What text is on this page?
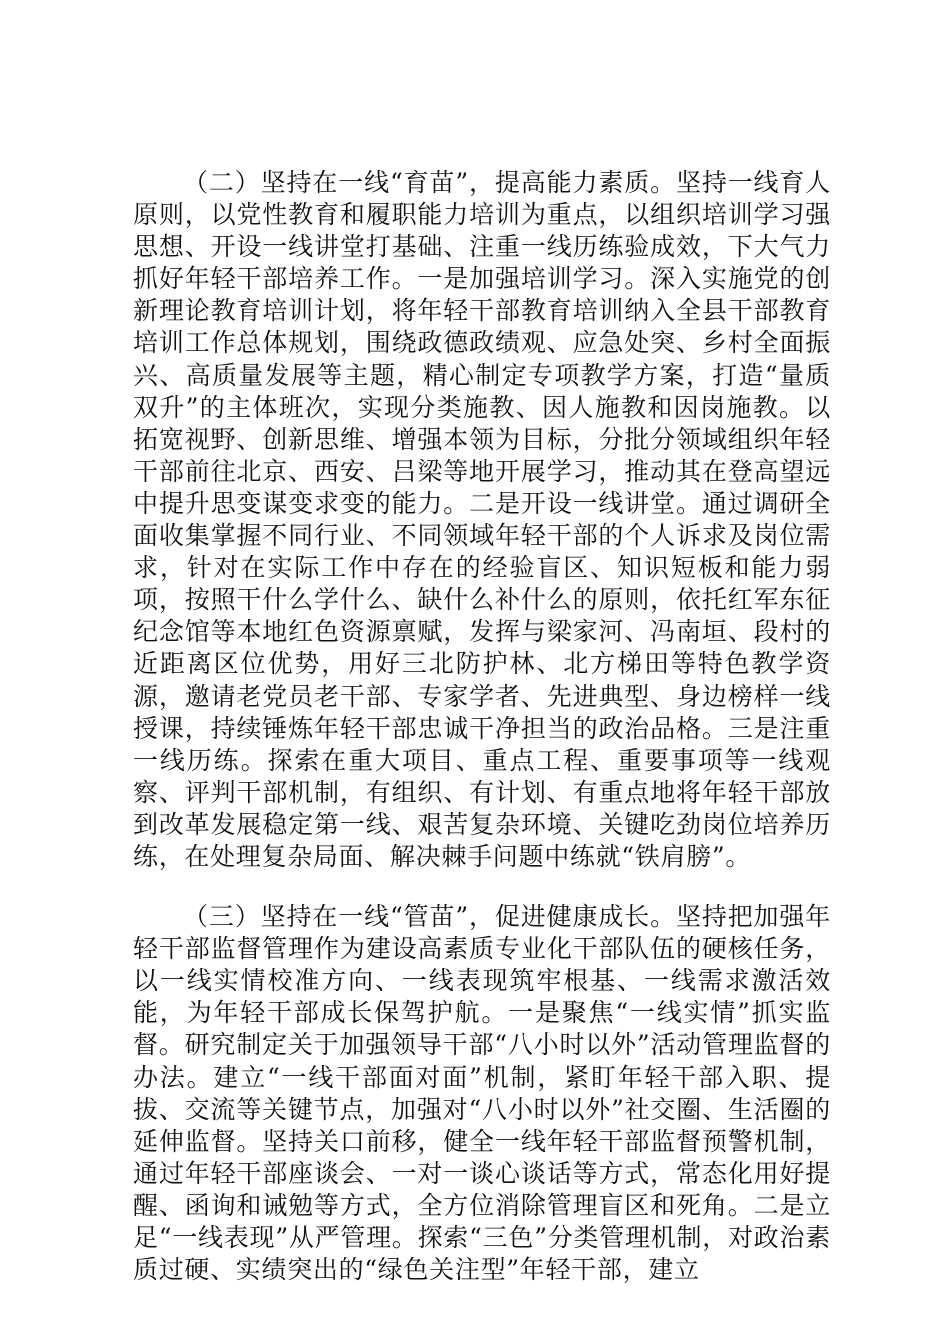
（二）坚持在一线“育苗”，提高能力素质。坚持一线育人原则，以党性教育和履职能力培训为重点，以组织培训学习强思想、开设一线讲堂打基础、注重一线历练验成效，下大气力抓好年轻干部培养工作。一是加强培训学习。深入实施党的创新理论教育培训计划，将年轻干部教育培训纳入全县干部教育培训工作总体规划，围绕政德政绩观、应急处突、乡村全面振兴、高质量发展等主题，精心制定专项教学方案，打造“量质双升”的主体班次，实现分类施教、因人施教和因岗施教。以拓宽视野、创新思维、增强本领为目标，分批分领域组织年轻干部前往北京、西安、吕梁等地开展学习，推动其在登高望远中提升思变谋变求变的能力。二是开设一线讲堂。通过调研全面收集掌握不同行业、不同领域年轻干部的个人诉求及岗位需求，针对在实际工作中存在的经验盲区、知识短板和能力弱项，按照干什么学什么、缺什么补什么的原则，依托红军东征纪念馆等本地红色资源禀赋，发挥与梁家河、冯南垣、段村的近距离区位优势，用好三北防护林、北方梯田等特色教学资源，邀请老党员老干部、专家学者、先进典型、身边榜样一线授课，持续锤炼年轻干部忠诚干净担当的政治品格。三是注重一线历练。探索在重大项目、重点工程、重要事项等一线观察、评判干部机制，有组织、有计划、有重点地将年轻干部放到改革发展稳定第一线、艰苦复杂环境、关键吃劲岗位培养历练，在处理复杂局面、解决棘手问题中练就“铁肩膀”。

（三）坚持在一线“管苗”，促进健康成长。坚持把加强年轻干部监督管理作为建设高素质专业化干部队伍的硬核任务，以一线实情校准方向、一线表现筑牢根基、一线需求激活效能，为年轻干部成长保驾护航。一是聚焦“一线实情”抓实监督。研究制定关于加强领导干部“八小时以外”活动管理监督的办法。建立“一线干部面对面”机制，紧盯年轻干部入职、提拔、交流等关键节点，加强对“八小时以外”社交圈、生活圈的延伸监督。坚持关口前移，健全一线年轻干部监督预警机制，通过年轻干部座谈会、一对一谈心谈话等方式，常态化用好提醒、函询和诫勉等方式，全方位消除管理盲区和死角。二是立足“一线表现”从严管理。探索“三色”分类管理机制，对政治素质过硬、实绩突出的“绿色关注型”年轻干部，建立
